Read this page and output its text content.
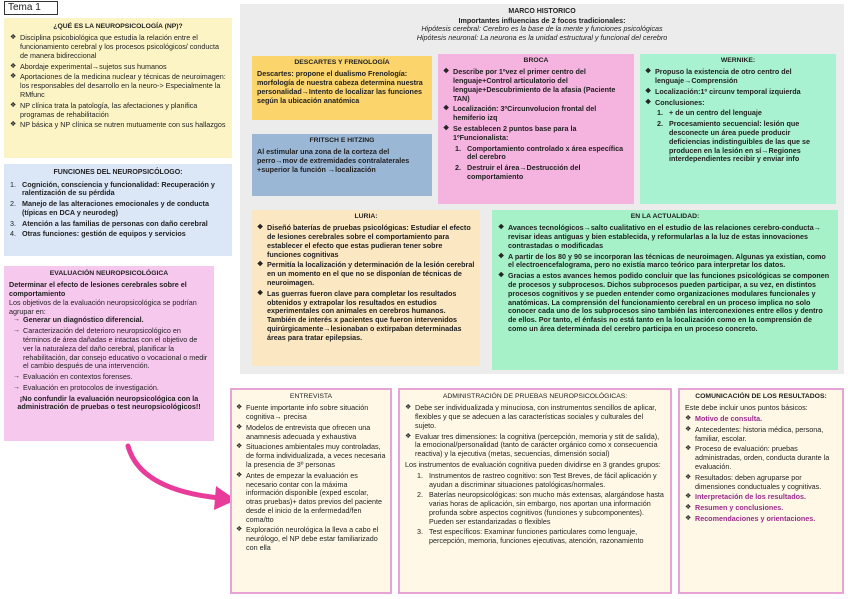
Tema 1
¿QUÉ ES LA NEUROPSICOLOGÍA (NP)?
❖ Disciplina psicobiológica que estudia la relación entre el funcionamiento cerebral y los procesos psicológicos/ conducta de manera bidireccional
❖ Abordaje experimental→sujetos sus humanos
❖ Aportaciones de la medicina nuclear y técnicas de neuroimagen: los responsables del desarrollo en la neuro-> Especialmente la RMfunc
❖ NP clínica trata la patología, las afectaciones y planifica programas de rehabilitación
❖ NP básica y NP clínica se nutren mutuamente con sus hallazgos
FUNCIONES DEL NEUROPSICÓLOGO:
1. Cognición, consciencia y funcionalidad: Recuperación y ralentización de su pérdida
2. Manejo de las alteraciones emocionales y de conducta (típicas en DCA y neurodeg)
3. Atención a las familias de personas con daño cerebral
4. Otras funciones: gestión de equipos y servicios
EVALUACIÓN NEUROPSICOLÓGICA
Determinar el efecto de lesiones cerebrales sobre el comportamiento
Los objetivos de la evaluación neuropsicológica se podrían agrupar en:
→ Generar un diagnóstico diferencial.
→ Caracterización del deterioro neuropsicológico en términos de área dañadas e intactas con el objetivo de ver la naturaleza del daño cerebral, planificar la rehabilitación, dar consejo educativo o vocacional o medir el cambio después de una intervención.
→ Evaluación en contextos forenses.
→ Evaluación en protocolos de investigación.
¡No confundir la evaluación neuropsicológica con la administración de pruebas o test neuropsicológicos!!
MARCO HISTÓRICO
Importantes influencias de 2 focos tradicionales:
Hipótesis cerebral: Cerebro es la base de la mente y funciones psicológicas
Hipótesis neuronal: La neurona es la unidad estructural y funcional del cerebro
DESCARTES Y FRENOLOGÍA
Descartes: propone el dualismo Frenología: morfología de nuestra cabeza determina nuestra personalidad→Intento de localizar las funciones según la ubicación anatómica
FRITSCH E HITZING
Al estimular una zona de la corteza del perro→mov de extremidades contralaterales +superior la función →localización
BROCA
❖ Describe por 1ºvez el primer centro del lenguaje+Control articulatorio del lenguaje+Descubrimiento de la afasia (Paciente TAN)
❖ Localización: 3ºCircunvolucion frontal del hemiferio izq
❖ Se establecen 2 puntos base para la 1ºFuncionalista:
1. Comportamiento controlado x área específica del cerebro
2. Destruir el área→Destrucción del comportamiento
WERNIKE:
❖ Propuso la existencia de otro centro del lenguaje→Comprensión
❖ Localización:1º circunv temporal izquierda
❖ Conclusiones:
1. + de un centro del lenguaje
2. Procesamiento secuencial: lesión que desconecte un área puede producir deficiencias indistinguibles de las que se producen en la lesión en sí→Regiones interdependientes recibir y enviar info
LURIA:
❖ Diseñó baterías de pruebas psicológicas: Estudiar el efecto de lesiones cerebrales sobre el comportamiento para establecer el efecto que estas pudieran tener sobre funciones cognitivas
❖ Permitía la localización y determinación de la lesión cerebral en un momento en el que no se disponían de técnicas de neuroimagen.
❖ Las guerras fueron clave para completar los resultados obtenidos y extrapolar los resultados en estudios experimentales con animales en cerebros humanos. También de interés x pacientes que fueron intervenidos quirúrgicamente→lesionaban o extirpaban determinadas áreas para tratar epilepsias.
EN LA ACTUALIDAD:
❖ Avances tecnológicos→salto cualitativo en el estudio de las relaciones cerebro-conducta→ revisar ideas antiguas y bien establecida, y reformularlas a la luz de estas innovaciones contrastadas o modificadas
❖ A partir de los 80 y 90 se incorporan las técnicas de neuroimagen. Algunas ya existían, como el electroencefalograma, pero no existía marco teórico para interpretar los datos.
❖ Gracias a estos avances hemos podido concluir que las funciones psicológicas se componen de procesos y subprocesos. Dichos subprocesos pueden participar, a su vez, en distintos procesos cognitivos y se pueden entender como organizaciones modulares funcionales y anatómicas. La comprensión del funcionamiento cerebral en un proceso implica no solo conocer cada uno de los subprocesos sino también las interconexiones entre ellos y dentro de ellos. Por tanto, el énfasis no está tanto en la localización como en la comprensión de como un área determinada del cerebro participa en un proceso concreto.
ENTREVISTA
❖ Fuente importante info sobre situación cognitiva→ precisa
❖ Modelos de entrevista que ofrecen una anamnesis adecuada y exhaustiva
❖ Situaciones ambientales muy controladas, de forma individualizada, a veces necesaria la presencia de 3º personas
❖ Antes de empezar la evaluación es necesario contar con la máxima información disponible (exped escolar, otras pruebas)+ datos previos del paciente desde el inicio de la enfermedad/fen coma/tto
❖ Exploración neurológica la lleva a cabo el neurólogo, el NP debe estar familiarizado con ella
ADMINISTRACIÓN DE PRUEBAS NEUROPSICOLÓGICAS:
❖ Debe ser individualizada y minuciosa, con instrumentos sencillos de aplicar, flexibles y que se adecuen a las características sociales y culturales del sujeto.
❖ Evaluar tres dimensiones: la cognitiva (percepción, memoria y stit de salida), la emocional/personalidad (tanto de carácter orgánico como x consecuencia reactiva) y la ejecutiva (metas, secuencias, dimensión social)
Los instrumentos de evaluación cognitiva pueden dividirse en 3 grandes grupos:
1. Instrumentos de rastreo cognitivo: son Test Breves, de fácil aplicación y ayudan a discriminar situaciones patológicas/normales.
2. Baterías neuropsicológicas: son mucho más extensas, alargándose hasta varias horas de aplicación, sin embargo, nos aportan una información profunda sobre aspectos cognitivos (funciones y subcomponentes). Pueden ser estandarizadas o flexibles
3. Test específicos: Examinar funciones particulares como lenguaje, percepción, memoria, funciones ejecutivas, atención, razonamiento
COMUNICACIÓN DE LOS RESULTADOS:
Este debe incluir unos puntos básicos:
❖ Motivo de consulta.
❖ Antecedentes: historia médica, persona, familiar, escolar.
❖ Proceso de evaluación: pruebas administradas, orden, conducta durante la evaluación.
❖ Resultados: deben agruparse por dimensiones conductuales y cognitivas.
❖ Interpretación de los resultados.
❖ Resumen y conclusiones.
❖ Recomendaciones y orientaciones.
